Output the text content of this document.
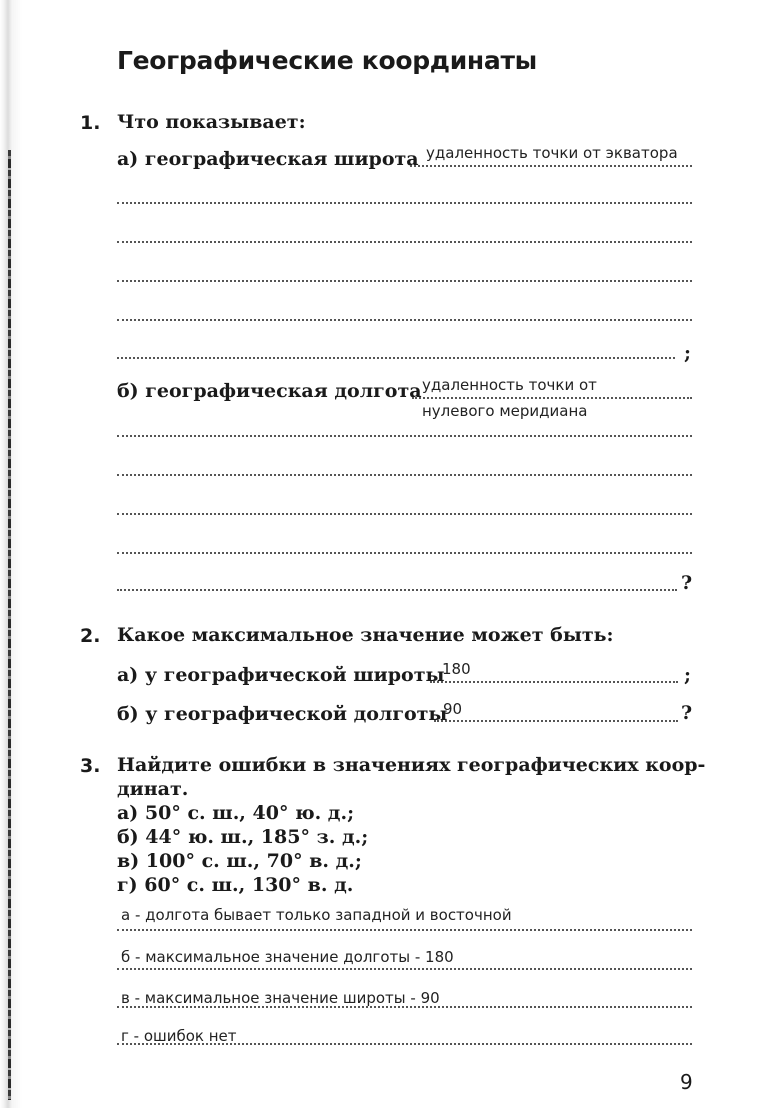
Географические координаты
1. Что показывает:
а) географическая широта удаленность точки от экватора
;
б) географическая долгота удаленность точки от
нулевого меридиана
?
2. Какое максимальное значение может быть:
а) у географической широты
180	;
б) у географической долготы
90	?
3. Найдите ошибки в значениях географических коор-
динат.
а) 50° с. ш., 40° ю. д.;
б) 44° ю. ш., 185° з. д.;
в) 100° с. ш., 70° в. д.;
г) 60° с. ш., 130° в. д.
а - долгота бывает только западной и восточной
б - максимальное значение долготы - 180
в - максимальное значение широты - 90
г - ошибок нет
9
